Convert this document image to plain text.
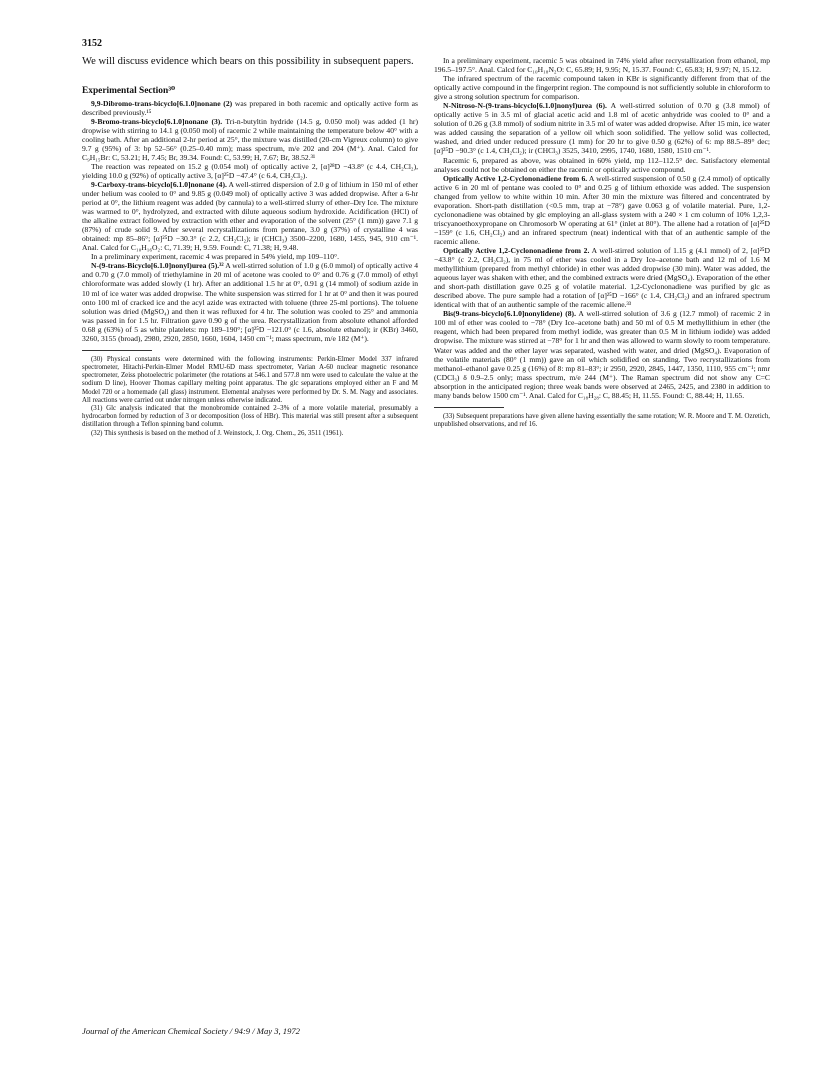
3152

We will discuss evidence which bears on this possibility in subsequent papers.

Experimental Section³⁰

9,9-Dibromo-trans-bicyclo[6.1.0]nonane (2) was prepared in both racemic and optically active form as described previously.¹⁵

9-Bromo-trans-bicyclo[6.1.0]nonane (3). Tri-n-butyltin hydride (14.5 g, 0.050 mol) was added (1 hr) dropwise with stirring to 14.1 g (0.050 mol) of racemic 2 while maintaining the temperature below 40° with a cooling bath. After an additional 2-hr period at 25°, the mixture was distilled (20-cm Vigreux column) to give 9.7 g (95%) of 3: bp 52–56° (0.25–0.40 mm); mass spectrum, m/e 202 and 204 (M⁺). Anal. Calcd for C₉H₁₅Br: C, 53.21; H, 7.45; Br, 39.34. Found: C, 53.99; H, 7.67; Br, 38.52.³¹

The reaction was repeated on 15.2 g (0.054 mol) of optically active 2, [α]²⁸D −43.8° (c 4.4, CH₂Cl₂), yielding 10.0 g (92%) of optically active 3, [α]²⁵D −47.4° (c 6.4, CH₂Cl₂).

9-Carboxy-trans-bicyclo[6.1.0]nonane (4). A well-stirred dispersion of 2.0 g of lithium in 150 ml of ether under helium was cooled to 0° and 9.85 g (0.049 mol) of optically active 3 was added dropwise. After a 6-hr period at 0°, the lithium reagent was added (by cannula) to a well-stirred slurry of ether–Dry Ice. The mixture was warmed to 0°, hydrolyzed, and extracted with dilute aqueous sodium hydroxide. Acidification (HCl) of the alkaline extract followed by extraction with ether and evaporation of the solvent (25° (1 mm)) gave 7.1 g (87%) of crude solid 9. After several recrystallizations from pentane, 3.0 g (37%) of crystalline 4 was obtained: mp 85–86°; [α]²⁵D −30.3° (c 2.2, CH₂Cl₂); ir (CHCl₃) 3500–2200, 1680, 1455, 945, 910 cm⁻¹. Anal. Calcd for C₁₀H₁₆O₂: C, 71.39; H, 9.59. Found: C, 71.38; H, 9.48.

In a preliminary experiment, racemic 4 was prepared in 54% yield, mp 109–110°.

N-(9-trans-Bicyclo[6.1.0]nonyl)urea (5).³² A well-stirred solution of 1.0 g (6.0 mmol) of optically active 4 and 0.70 g (7.0 mmol) of triethylamine in 20 ml of acetone was cooled to 0° and 0.76 g (7.0 mmol) of ethyl chloroformate was added slowly (1 hr). After an additional 1.5 hr at 0°, 0.91 g (14 mmol) of sodium azide in 10 ml of ice water was added dropwise. The white suspension was stirred for 1 hr at 0° and then it was poured onto 100 ml of cracked ice and the acyl azide was extracted with toluene (three 25-ml portions). The toluene solution was dried (MgSO₄) and then it was refluxed for 4 hr. The solution was cooled to 25° and ammonia was passed in for 1.5 hr. Filtration gave 0.90 g of the urea. Recrystallization from absolute ethanol afforded 0.68 g (63%) of 5 as white platelets: mp 189–190°; [α]²⁵D −121.0° (c 1.6, absolute ethanol); ir (KBr) 3460, 3260, 3155 (broad), 2980, 2920, 2850, 1660, 1604, 1450 cm⁻¹; mass spectrum, m/e 182 (M⁺).

(30) Physical constants were determined with the following instruments: Perkin-Elmer Model 337 infrared spectrometer, Hitachi-Perkin-Elmer Model RMU-6D mass spectrometer, Varian A-60 nuclear magnetic resonance spectrometer, Zeiss photoelectric polarimeter (the rotations at 546.1 and 577.8 nm were used to calculate the value at the sodium D line), Hoover Thomas capillary melting point apparatus. The glc separations employed either an F and M Model 720 or a homemade (all glass) instrument. Elemental analyses were performed by Dr. S. M. Nagy and associates. All reactions were carried out under nitrogen unless otherwise indicated.

(31) Glc analysis indicated that the monobromide contained 2–3% of a more volatile material, presumably a hydrocarbon formed by reduction of 3 or decomposition (loss of HBr). This material was still present after a subsequent distillation through a Teflon spinning band column.

(32) This synthesis is based on the method of J. Weinstock, J. Org. Chem., 26, 3511 (1961).

In a preliminary experiment, racemic 5 was obtained in 74% yield after recrystallization from ethanol, mp 196.5–197.5°. Anal. Calcd for C₁₀H₁₈N₂O: C, 65.89; H, 9.95; N, 15.37. Found: C, 65.83; H, 9.97; N, 15.12.

The infrared spectrum of the racemic compound taken in KBr is significantly different from that of the optically active compound in the fingerprint region. The compound is not sufficiently soluble in chloroform to give a strong solution spectrum for comparison.

N-Nitroso-N-(9-trans-bicyclo[6.1.0]nonyl)urea (6). A well-stirred solution of 0.70 g (3.8 mmol) of optically active 5 in 3.5 ml of glacial acetic acid and 1.8 ml of acetic anhydride was cooled to 0° and a solution of 0.26 g (3.8 mmol) of sodium nitrite in 3.5 ml of water was added dropwise. After 15 min, ice water was added causing the separation of a yellow oil which soon solidified. The yellow solid was collected, washed, and dried under reduced pressure (1 mm) for 20 hr to give 0.50 g (62%) of 6: mp 88.5–89° dec; [α]²⁵D −90.3° (c 1.4, CH₂Cl₂); ir (CHCl₃) 3525, 3410, 2995, 1740, 1680, 1580, 1510 cm⁻¹.

Racemic 6, prepared as above, was obtained in 60% yield, mp 112–112.5° dec. Satisfactory elemental analyses could not be obtained on either the racemic or optically active compound.

Optically Active 1,2-Cyclononadiene from 6. A well-stirred suspension of 0.50 g (2.4 mmol) of optically active 6 in 20 ml of pentane was cooled to 0° and 0.25 g of lithium ethoxide was added. The suspension changed from yellow to white within 10 min. After 30 min the mixture was filtered and concentrated by evaporation. Short-path distillation (<0.5 mm, trap at −78°) gave 0.063 g of volatile material. Pure, 1,2-cyclononadiene was obtained by glc employing an all-glass system with a 240 × 1 cm column of 10% 1,2,3-triscyanoethoxypropane on Chromosorb W operating at 61° (inlet at 80°). The allene had a rotation of [α]²⁵D −159° (c 1.6, CH₂Cl₂) and an infrared spectrum (neat) indentical with that of an authentic sample of the racemic allene.

Optically Active 1,2-Cyclononadiene from 2. A well-stirred solution of 1.15 g (4.1 mmol) of 2, [α]²⁵D −43.8° (c 2.2, CH₂Cl₂), in 75 ml of ether was cooled in a Dry Ice–acetone bath and 12 ml of 1.6 M methyllithium (prepared from methyl chloride) in ether was added dropwise (30 min). Water was added, the aqueous layer was shaken with ether, and the combined extracts were dried (MgSO₄). Evaporation of the ether and short-path distillation gave 0.25 g of volatile material. 1,2-Cyclononadiene was purified by glc as described above. The pure sample had a rotation of [α]²⁵D −166° (c 1.4, CH₂Cl₂) and an infrared spectrum identical with that of an authentic sample of the racemic allene.³³

Bis(9-trans-bicyclo[6.1.0]nonylidene) (8). A well-stirred solution of 3.6 g (12.7 mmol) of racemic 2 in 100 ml of ether was cooled to −78° (Dry Ice–acetone bath) and 50 ml of 0.5 M methyllithium in ether (the reagent, which had been prepared from methyl iodide, was greater than 0.5 M in lithium iodide) was added dropwise. The mixture was stirred at −78° for 1 hr and then was allowed to warm slowly to room temperature. Water was added and the ether layer was separated, washed with water, and dried (MgSO₄). Evaporation of the volatile materials (80° (1 mm)) gave an oil which solidified on standing. Two recrystallizations from methanol–ethanol gave 0.25 g (16%) of 8: mp 81–83°; ir 2950, 2920, 2845, 1447, 1350, 1110, 955 cm⁻¹; nmr (CDCl₃) δ 0.9–2.5 only; mass spectrum, m/e 244 (M⁺). The Raman spectrum did not show any C=C absorption in the anticipated region; three weak bands were observed at 2465, 2425, and 2380 in addition to many bands below 1500 cm⁻¹. Anal. Calcd for C₁₈H₂₈: C, 88.45; H, 11.55. Found: C, 88.44; H, 11.65.

(33) Subsequent preparations have given allene having essentially the same rotation; W. R. Moore and T. M. Ozretich, unpublished observations, and ref 16.

Journal of the American Chemical Society / 94:9 / May 3, 1972
